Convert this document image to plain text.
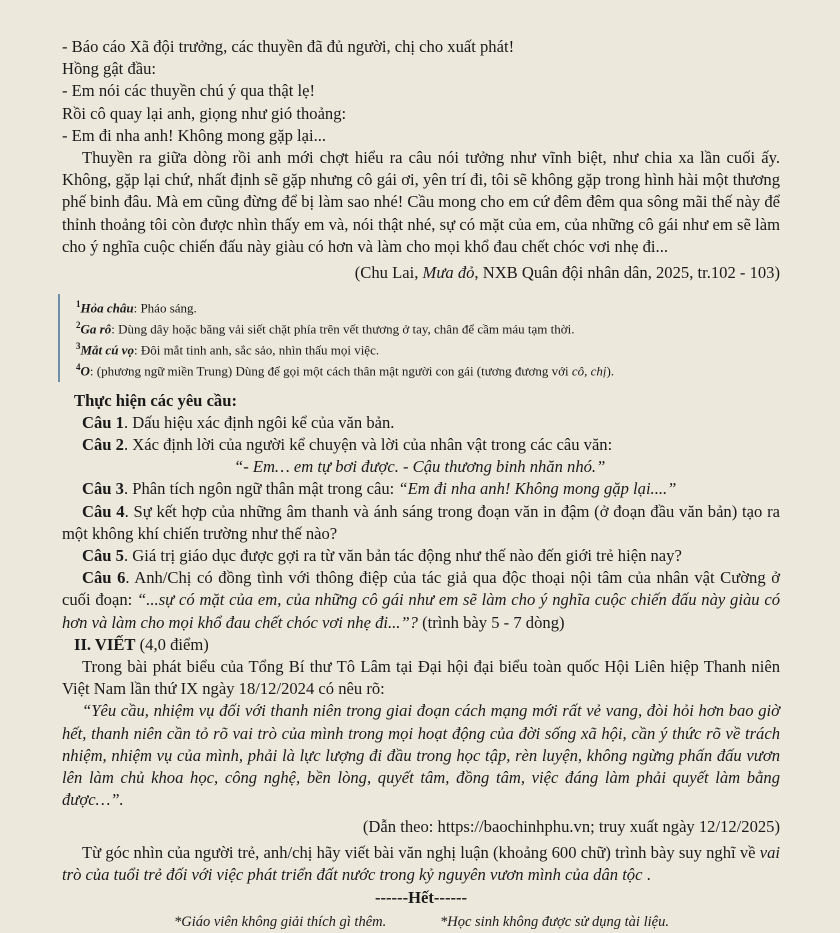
- Báo cáo Xã đội trưởng, các thuyền đã đủ người, chị cho xuất phát!

Hồng gật đầu:

- Em nói các thuyền chú ý qua thật lẹ!

Rồi cô quay lại anh, giọng như gió thoảng:

- Em đi nha anh! Không mong gặp lại...

Thuyền ra giữa dòng rồi anh mới chợt hiểu ra câu nói tưởng như vĩnh biệt, như chia xa lần cuối ấy. Không, gặp lại chứ, nhất định sẽ gặp nhưng cô gái ơi, yên trí đi, tôi sẽ không gặp trong hình hài một thương phế binh đâu. Mà em cũng đừng để bị làm sao nhé! Cầu mong cho em cứ đêm đêm qua sông mãi thế này để thỉnh thoảng tôi còn được nhìn thấy em và, nói thật nhé, sự có mặt của em, của những cô gái như em sẽ làm cho ý nghĩa cuộc chiến đấu này giàu có hơn và làm cho mọi khổ đau chết chóc vơi nhẹ đi...

(Chu Lai, Mưa đỏ, NXB Quân đội nhân dân, 2025, tr.102 - 103)

$^1$Hỏa châu: Pháo sáng.

$^2$Ga rô: Dùng dây hoặc băng vải siết chặt phía trên vết thương ở tay, chân để cầm máu tạm thời.

$^3$Mắt cú vọ: Đôi mắt tinh anh, sắc sảo, nhìn thấu mọi việc.

$^4$O: (phương ngữ miền Trung) Dùng để gọi một cách thân mật người con gái (tương đương với cô, chị).

Thực hiện các yêu cầu:

Câu 1. Dấu hiệu xác định ngôi kể của văn bản.

Câu 2. Xác định lời của người kể chuyện và lời của nhân vật trong các câu văn:

“- Em… em tự bơi được. - Cậu thương binh nhăn nhó.”

Câu 3. Phân tích ngôn ngữ thân mật trong câu: “Em đi nha anh! Không mong gặp lại....”

Câu 4. Sự kết hợp của những âm thanh và ánh sáng trong đoạn văn in đậm (ở đoạn đầu văn bản) tạo ra một không khí chiến trường như thế nào?

Câu 5. Giá trị giáo dục được gợi ra từ văn bản tác động như thế nào đến giới trẻ hiện nay?

Câu 6. Anh/Chị có đồng tình với thông điệp của tác giả qua độc thoại nội tâm của nhân vật Cường ở cuối đoạn: “...sự có mặt của em, của những cô gái như em sẽ làm cho ý nghĩa cuộc chiến đấu này giàu có hơn và làm cho mọi khổ đau chết chóc vơi nhẹ đi...”? (trình bày 5 - 7 dòng)

II. VIẾT (4,0 điểm)

Trong bài phát biểu của Tổng Bí thư Tô Lâm tại Đại hội đại biểu toàn quốc Hội Liên hiệp Thanh niên Việt Nam lần thứ IX ngày 18/12/2024 có nêu rõ:

“Yêu cầu, nhiệm vụ đối với thanh niên trong giai đoạn cách mạng mới rất vẻ vang, đòi hỏi hơn bao giờ hết, thanh niên cần tỏ rõ vai trò của mình trong mọi hoạt động của đời sống xã hội, cần ý thức rõ về trách nhiệm, nhiệm vụ của mình, phải là lực lượng đi đầu trong học tập, rèn luyện, không ngừng phấn đấu vươn lên làm chủ khoa học, công nghệ, bền lòng, quyết tâm, đồng tâm, việc đáng làm phải quyết làm bằng được…”.

(Dẫn theo: https://baochinhphu.vn; truy xuất ngày 12/12/2025)

Từ góc nhìn của người trẻ, anh/chị hãy viết bài văn nghị luận (khoảng 600 chữ) trình bày suy nghĩ về vai trò của tuổi trẻ đối với việc phát triển đất nước trong kỷ nguyên vươn mình của dân tộc .

------Hết------

*Giáo viên không giải thích gì thêm.	*Học sinh không được sử dụng tài liệu.
